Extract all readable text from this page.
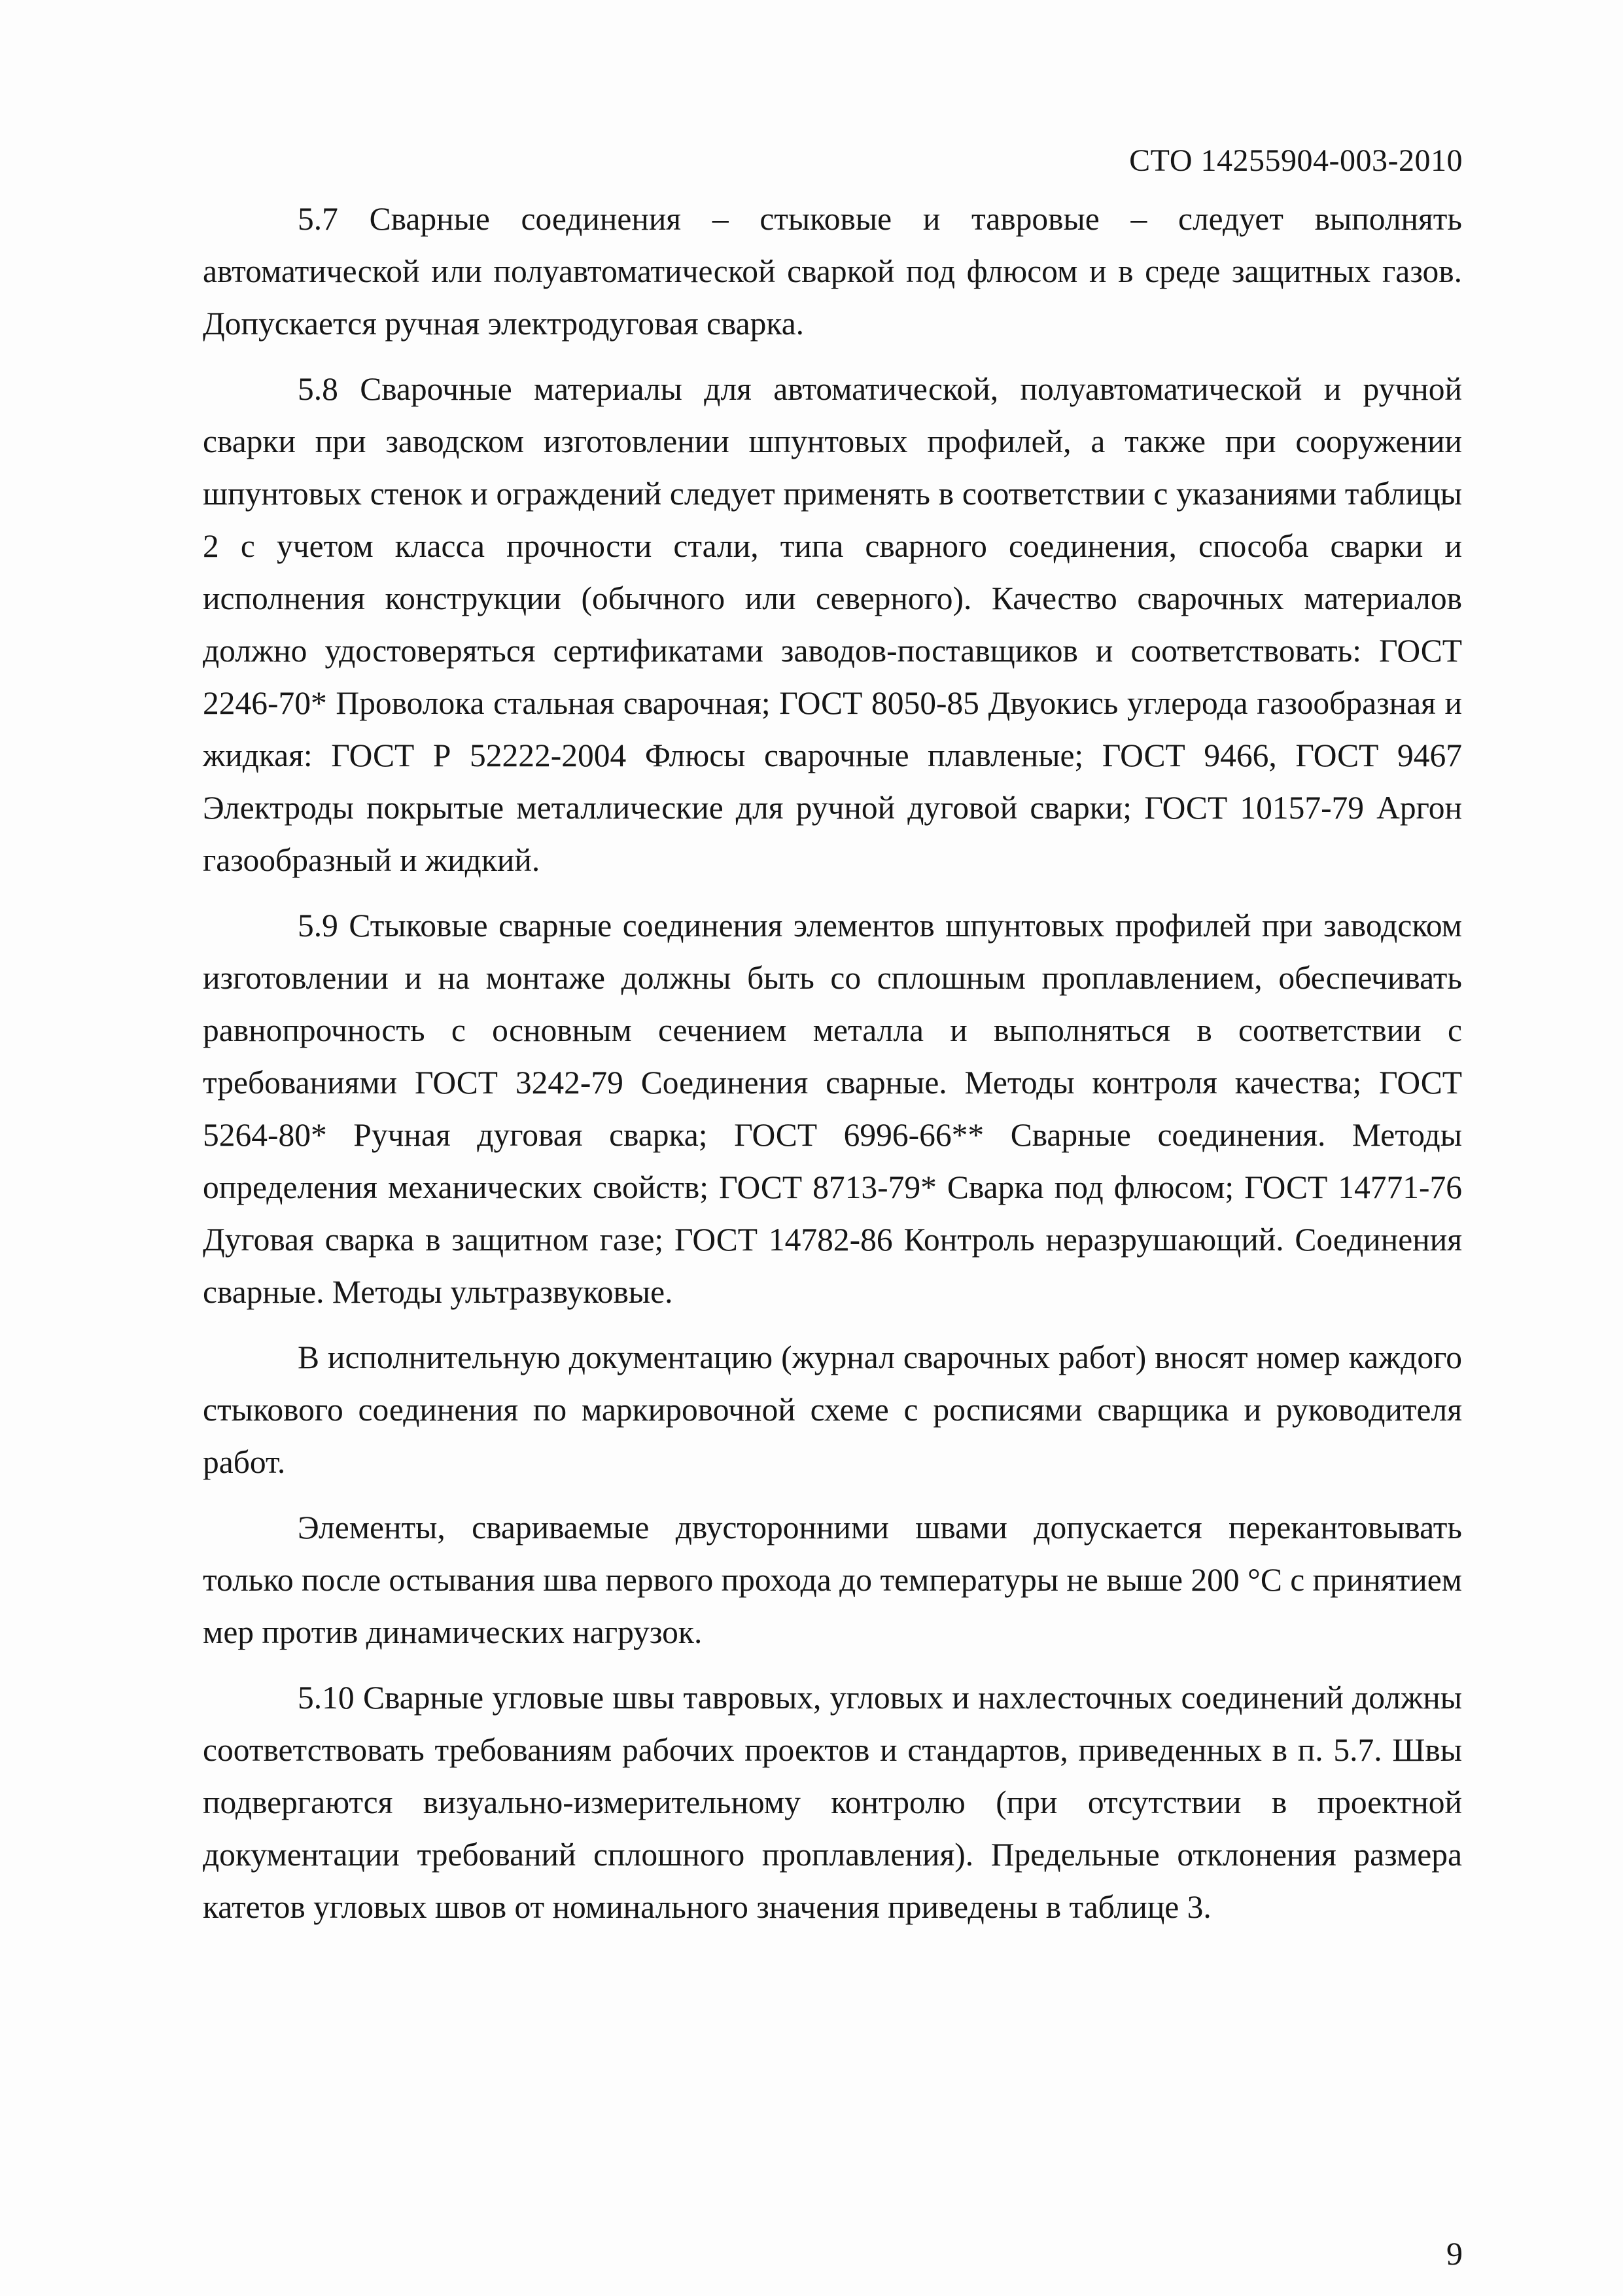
СТО 14255904-003-2010

5.7 Сварные соединения – стыковые и тавровые – следует выполнять автоматической или полуавтоматической сваркой под флюсом и в среде защитных газов. Допускается ручная электродуговая сварка.

5.8 Сварочные материалы для автоматической, полуавтоматической и ручной сварки при заводском изготовлении шпунтовых профилей, а также при сооружении шпунтовых стенок и ограждений следует применять в соответствии с указаниями таблицы 2 с учетом класса прочности стали, типа сварного соединения, способа сварки и исполнения конструкции (обычного или северного). Качество сварочных материалов должно удостоверяться сертификатами заводов-поставщиков и соответствовать: ГОСТ 2246-70* Проволока стальная сварочная; ГОСТ 8050-85 Двуокись углерода газообразная и жидкая: ГОСТ Р 52222-2004 Флюсы сварочные плавленые; ГОСТ 9466, ГОСТ 9467 Электроды покрытые металлические для ручной дуговой сварки; ГОСТ 10157-79 Аргон газообразный и жидкий.

5.9 Стыковые сварные соединения элементов шпунтовых профилей при заводском изготовлении и на монтаже должны быть со сплошным проплавлением, обеспечивать равнопрочность с основным сечением металла и выполняться в соответствии с требованиями ГОСТ 3242-79 Соединения сварные. Методы контроля качества; ГОСТ 5264-80* Ручная дуговая сварка; ГОСТ 6996-66** Сварные соединения. Методы определения механических свойств; ГОСТ 8713-79* Сварка под флюсом; ГОСТ 14771-76 Дуговая сварка в защитном газе; ГОСТ 14782-86 Контроль неразрушающий. Соединения сварные. Методы ультразвуковые.

В исполнительную документацию (журнал сварочных работ) вносят номер каждого стыкового соединения по маркировочной схеме с росписями сварщика и руководителя работ.

Элементы, свариваемые двусторонними швами допускается перекантовывать только после остывания шва первого прохода до температуры не выше 200 °С с принятием мер против динамических нагрузок.

5.10 Сварные угловые швы тавровых, угловых и нахлесточных соединений должны соответствовать требованиям рабочих проектов и стандартов, приведенных в п. 5.7. Швы подвергаются визуально-измерительному контролю (при отсутствии в проектной документации требований сплошного проплавления). Предельные отклонения размера катетов угловых швов от номинального значения приведены в таблице 3.

9
